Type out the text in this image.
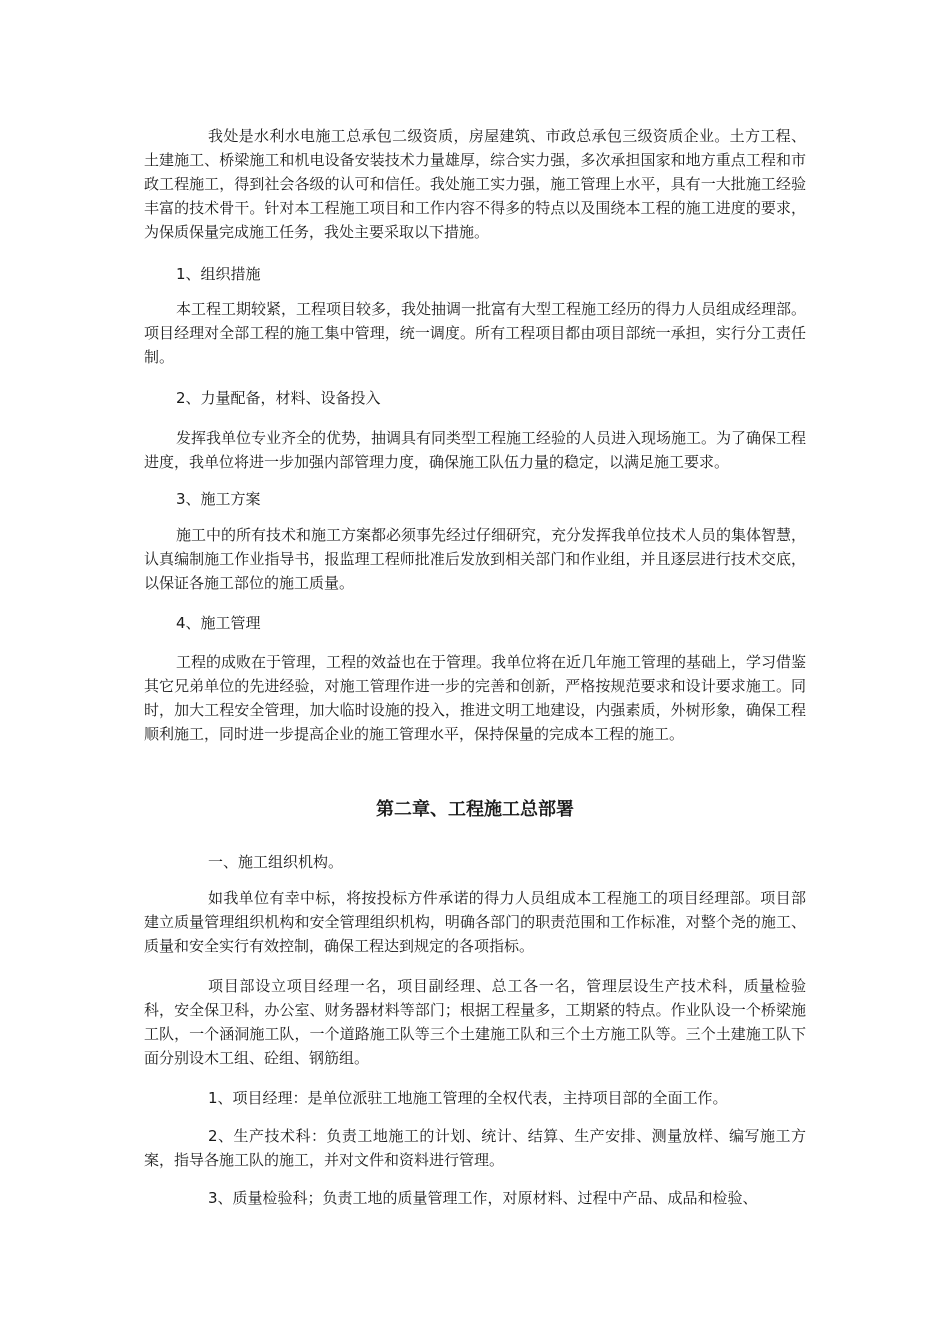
我处是水利水电施工总承包二级资质，房屋建筑、市政总承包三级资质企业。土方工程、土建施工、桥梁施工和机电设备安装技术力量雄厚，综合实力强，多次承担国家和地方重点工程和市政工程施工，得到社会各级的认可和信任。我处施工实力强，施工管理上水平，具有一大批施工经验丰富的技术骨干。针对本工程施工项目和工作内容不得多的特点以及围绕本工程的施工进度的要求，为保质保量完成施工任务，我处主要采取以下措施。

1、组织措施

本工程工期较紧，工程项目较多，我处抽调一批富有大型工程施工经历的得力人员组成经理部。项目经理对全部工程的施工集中管理，统一调度。所有工程项目都由项目部统一承担，实行分工责任制。

2、力量配备，材料、设备投入

发挥我单位专业齐全的优势，抽调具有同类型工程施工经验的人员进入现场施工。为了确保工程进度，我单位将进一步加强内部管理力度，确保施工队伍力量的稳定，以满足施工要求。

3、施工方案

施工中的所有技术和施工方案都必须事先经过仔细研究，充分发挥我单位技术人员的集体智慧，认真编制施工作业指导书，报监理工程师批准后发放到相关部门和作业组，并且逐层进行技术交底，以保证各施工部位的施工质量。

4、施工管理

工程的成败在于管理，工程的效益也在于管理。我单位将在近几年施工管理的基础上，学习借鉴其它兄弟单位的先进经验，对施工管理作进一步的完善和创新，严格按规范要求和设计要求施工。同时，加大工程安全管理，加大临时设施的投入，推进文明工地建设，内强素质，外树形象，确保工程顺利施工，同时进一步提高企业的施工管理水平，保持保量的完成本工程的施工。

第二章、工程施工总部署

一、施工组织机构。

如我单位有幸中标，将按投标方件承诺的得力人员组成本工程施工的项目经理部。项目部建立质量管理组织机构和安全管理组织机构，明确各部门的职责范围和工作标准，对整个尧的施工、质量和安全实行有效控制，确保工程达到规定的各项指标。

项目部设立项目经理一名，项目副经理、总工各一名，管理层设生产技术科，质量检验科，安全保卫科，办公室、财务器材料等部门；根据工程量多，工期紧的特点。作业队设一个桥梁施工队，一个涵洞施工队，一个道路施工队等三个土建施工队和三个土方施工队等。三个土建施工队下面分别设木工组、砼组、钢筋组。

1、项目经理：是单位派驻工地施工管理的全权代表，主持项目部的全面工作。

2、生产技术科：负责工地施工的计划、统计、结算、生产安排、测量放样、编写施工方案，指导各施工队的施工，并对文件和资料进行管理。

3、质量检验科；负责工地的质量管理工作，对原材料、过程中产品、成品和检验、
